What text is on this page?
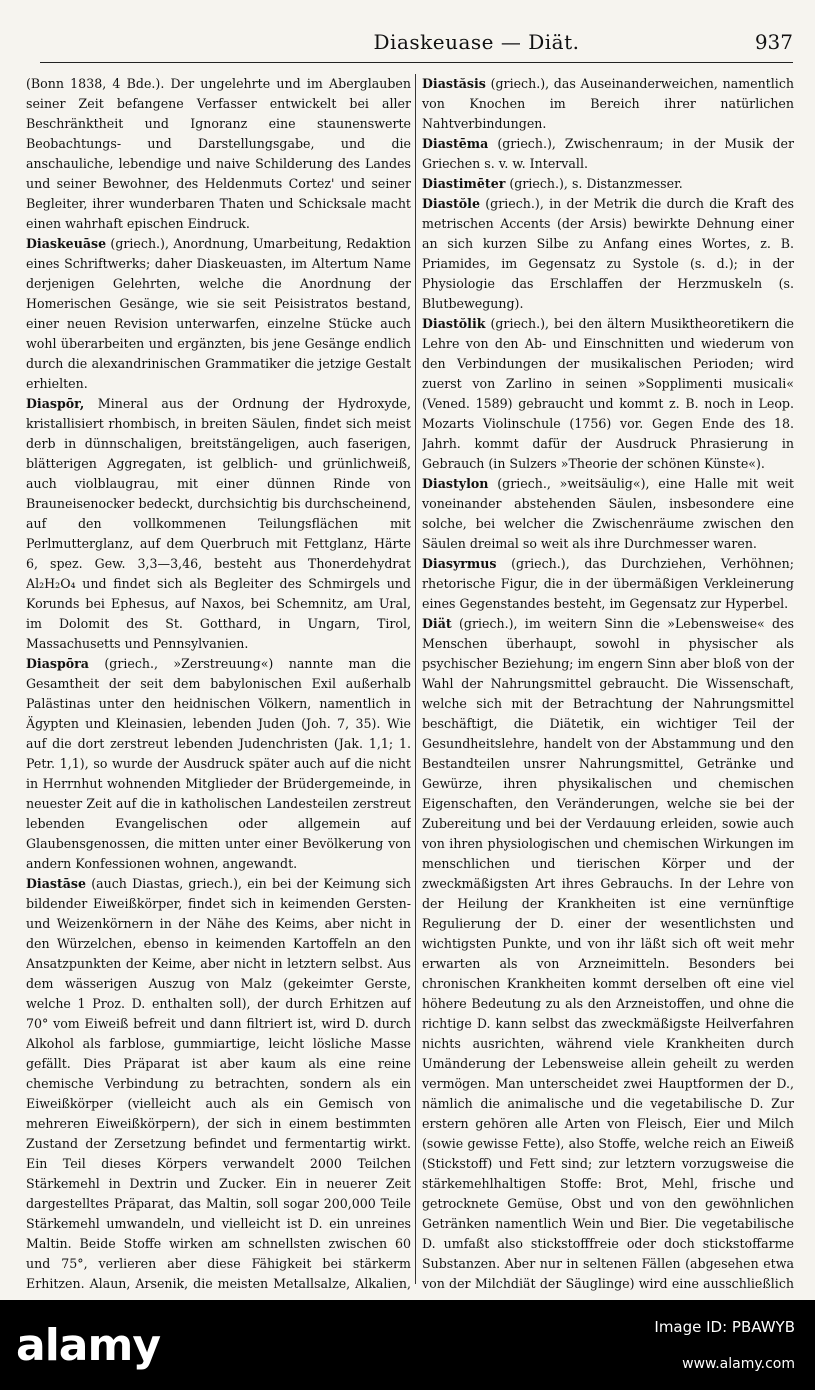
Diaskeuase — Diät.	937

(Bonn 1838, 4 Bde.). Der ungelehrte und im Aberglauben seiner Zeit befangene Verfasser entwickelt bei aller Beschränktheit und Ignoranz eine staunenswerte Beobachtungs- und Darstellungsgabe, und die anschauliche, lebendige und naive Schilderung des Landes und seiner Bewohner, des Heldenmuts Cortez' und seiner Begleiter, ihrer wunderbaren Thaten und Schicksale macht einen wahrhaft epischen Eindruck.

Diaskeuāse (griech.), Anordnung, Umarbeitung, Redaktion eines Schriftwerks; daher Diaskeuasten, im Altertum Name derjenigen Gelehrten, welche die Anordnung der Homerischen Gesänge, wie sie seit Peisistratos bestand, einer neuen Revision unterwarfen, einzelne Stücke auch wohl überarbeiten und ergänzten, bis jene Gesänge endlich durch die alexandrinischen Grammatiker die jetzige Gestalt erhielten.

Diaspōr, Mineral aus der Ordnung der Hydroxyde, kristallisiert rhombisch, in breiten Säulen, findet sich meist derb in dünnschaligen, breitstängeligen, auch faserigen, blätterigen Aggregaten, ist gelblich- und grünlichweiß, auch violblaugrau, mit einer dünnen Rinde von Brauneisenocker bedeckt, durchsichtig bis durchscheinend, auf den vollkommenen Teilungsflächen mit Perlmutterglanz, auf dem Querbruch mit Fettglanz, Härte 6, spez. Gew. 3,3—3,46, besteht aus Thonerdehydrat Al₂H₂O₄ und findet sich als Begleiter des Schmirgels und Korunds bei Ephesus, auf Naxos, bei Schemnitz, am Ural, im Dolomit des St. Gotthard, in Ungarn, Tirol, Massachusetts und Pennsylvanien.

Diaspōra (griech., »Zerstreuung«) nannte man die Gesamtheit der seit dem babylonischen Exil außerhalb Palästinas unter den heidnischen Völkern, namentlich in Ägypten und Kleinasien, lebenden Juden (Joh. 7, 35). Wie auf die dort zerstreut lebenden Judenchristen (Jak. 1,1; 1. Petr. 1,1), so wurde der Ausdruck später auch auf die nicht in Herrnhut wohnenden Mitglieder der Brüdergemeinde, in neuester Zeit auf die in katholischen Landesteilen zerstreut lebenden Evangelischen oder allgemein auf Glaubensgenossen, die mitten unter einer Bevölkerung von andern Konfessionen wohnen, angewandt.

Diastāse (auch Diastas, griech.), ein bei der Keimung sich bildender Eiweißkörper, findet sich in keimenden Gersten- und Weizenkörnern in der Nähe des Keims, aber nicht in den Würzelchen, ebenso in keimenden Kartoffeln an den Ansatzpunkten der Keime, aber nicht in letztern selbst. Aus dem wässerigen Auszug von Malz (gekeimter Gerste, welche 1 Proz. D. enthalten soll), der durch Erhitzen auf 70° vom Eiweiß befreit und dann filtriert ist, wird D. durch Alkohol als farblose, gummiartige, leicht lösliche Masse gefällt. Dies Präparat ist aber kaum als eine reine chemische Verbindung zu betrachten, sondern als ein Eiweißkörper (vielleicht auch als ein Gemisch von mehreren Eiweißkörpern), der sich in einem bestimmten Zustand der Zersetzung befindet und fermentartig wirkt. Ein Teil dieses Körpers verwandelt 2000 Teilchen Stärkemehl in Dextrin und Zucker. Ein in neuerer Zeit dargestelltes Präparat, das Maltin, soll sogar 200,000 Teile Stärkemehl umwandeln, und vielleicht ist D. ein unreines Maltin. Beide Stoffe wirken am schnellsten zwischen 60 und 75°, verlieren aber diese Fähigkeit bei stärkerm Erhitzen. Alaun, Arsenik, die meisten Metallsalze, Alkalien,

Diastăsis (griech.), das Auseinanderweichen, namentlich von Knochen im Bereich ihrer natürlichen Nahtverbindungen.

Diastēma (griech.), Zwischenraum; in der Musik der Griechen s. v. w. Intervall.

Diastimēter (griech.), s. Distanzmesser.

Diastŏle (griech.), in der Metrik die durch die Kraft des metrischen Accents (der Arsis) bewirkte Dehnung einer an sich kurzen Silbe zu Anfang eines Wortes, z. B. Priamides, im Gegensatz zu Systole (s. d.); in der Physiologie das Erschlaffen der Herzmuskeln (s. Blutbewegung).

Diastŏlik (griech.), bei den ältern Musiktheoretikern die Lehre von den Ab- und Einschnitten und wiederum von den Verbindungen der musikalischen Perioden; wird zuerst von Zarlino in seinen »Sopplimenti musicali« (Vened. 1589) gebraucht und kommt z. B. noch in Leop. Mozarts Violinschule (1756) vor. Gegen Ende des 18. Jahrh. kommt dafür der Ausdruck Phrasierung in Gebrauch (in Sulzers »Theorie der schönen Künste«).

Diastylon (griech., »weitsäulig«), eine Halle mit weit voneinander abstehenden Säulen, insbesondere eine solche, bei welcher die Zwischenräume zwischen den Säulen dreimal so weit als ihre Durchmesser waren.

Diasyrmus (griech.), das Durchziehen, Verhöhnen; rhetorische Figur, die in der übermäßigen Verkleinerung eines Gegenstandes besteht, im Gegensatz zur Hyperbel.

Diät (griech.), im weitern Sinn die »Lebensweise« des Menschen überhaupt, sowohl in physischer als psychischer Beziehung; im engern Sinn aber bloß von der Wahl der Nahrungsmittel gebraucht. Die Wissenschaft, welche sich mit der Betrachtung der Nahrungsmittel beschäftigt, die Diätetik, ein wichtiger Teil der Gesundheitslehre, handelt von der Abstammung und den Bestandteilen unsrer Nahrungsmittel, Getränke und Gewürze, ihren physikalischen und chemischen Eigenschaften, den Veränderungen, welche sie bei der Zubereitung und bei der Verdauung erleiden, sowie auch von ihren physiologischen und chemischen Wirkungen im menschlichen und tierischen Körper und der zweckmäßigsten Art ihres Gebrauchs. In der Lehre von der Heilung der Krankheiten ist eine vernünftige Regulierung der D. einer der wesentlichsten und wichtigsten Punkte, und von ihr läßt sich oft weit mehr erwarten als von Arzneimitteln. Besonders bei chronischen Krankheiten kommt derselben oft eine viel höhere Bedeutung zu als den Arzneistoffen, und ohne die richtige D. kann selbst das zweckmäßigste Heilverfahren nichts ausrichten, während viele Krankheiten durch Umänderung der Lebensweise allein geheilt zu werden vermögen. Man unterscheidet zwei Hauptformen der D., nämlich die animalische und die vegetabilische D. Zur erstern gehören alle Arten von Fleisch, Eier und Milch (sowie gewisse Fette), also Stoffe, welche reich an Eiweiß (Stickstoff) und Fett sind; zur letztern vorzugsweise die stärkemehlhaltigen Stoffe: Brot, Mehl, frische und getrocknete Gemüse, Obst und von den gewöhnlichen Getränken namentlich Wein und Bier. Die vegetabilische D. umfaßt also stickstofffreie oder doch stickstoffarme Substanzen. Aber nur in seltenen Fällen (abgesehen etwa von der Milchdiät der Säuglinge) wird eine ausschließlich

alamy	Image ID: PBAWYB
www.alamy.com
